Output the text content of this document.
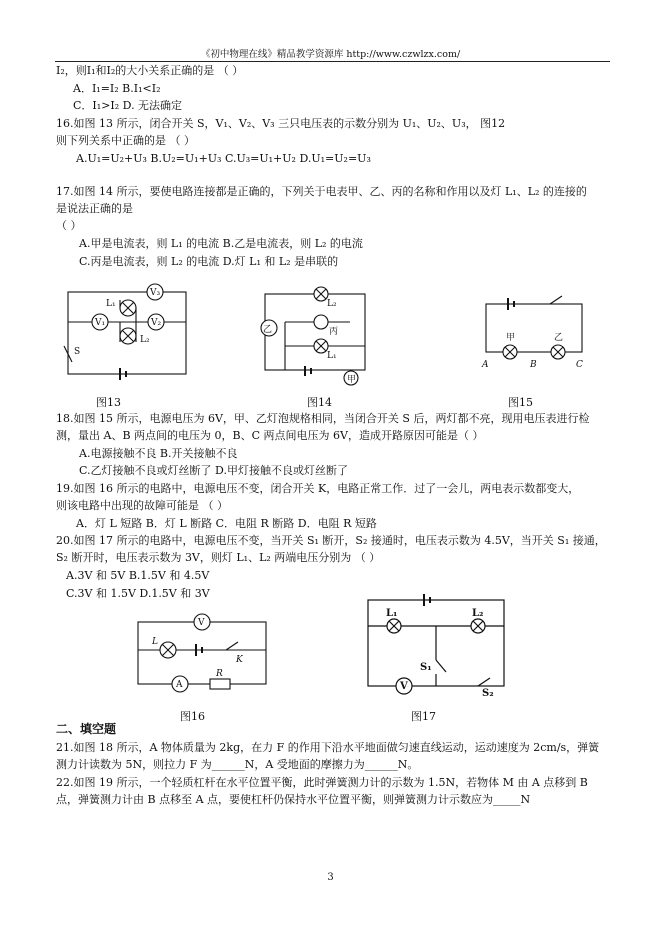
《初中物理在线》精品教学资源库 http://www.czwlzx.com/
I₂，则I₁和I₂的大小关系正确的是 （ ）
A．I₁=I₂ B.I₁<I₂
C．I₁>I₂ D. 无法确定
16.如图 13 所示，闭合开关 S，V₁、V₂、V₃ 三只电压表的示数分别为 U₁、U₂、U₃， 图12
则下列关系中正确的是 （ ）
A.U₁=U₂+U₃ B.U₂=U₁+U₃ C.U₃=U₁+U₂ D.U₁=U₂=U₃
17.如图 14 所示，要使电路连接都是正确的，下列关于电表甲、乙、丙的名称和作用以及灯 L₁、L₂ 的连接的
是说法正确的是
（ ）
A.甲是电流表，则 L₁ 的电流 B.乙是电流表，则 L₂ 的电流
C.丙是电流表，则 L₂ 的电流 D.灯 L₁ 和 L₂ 是串联的
18.如图 15 所示，电源电压为 6V，甲、乙灯泡规格相同，当闭合开关 S 后，两灯都不亮，现用电压表进行检
测，量出 A、B 两点间的电压为 0，B、C 两点间电压为 6V，造成开路原因可能是（ ）
A.电源接触不良 B.开关接触不良
C.乙灯接触不良或灯丝断了 D.甲灯接触不良或灯丝断了
19.如图 16 所示的电路中，电源电压不变，闭合开关 K，电路正常工作．过了一会儿，两电表示数都变大，
则该电路中出现的故障可能是 （ ）
A．灯 L 短路 B．灯 L 断路 C．电阻 R 断路 D．电阻 R 短路
20.如图 17 所示的电路中，电源电压不变，当开关 S₁ 断开，S₂ 接通时，电压表示数为 4.5V，当开关 S₁ 接通，
S₂ 断开时，电压表示数为 3V，则灯 L₁、L₂ 两端电压分别为 （ ）
A.3V 和 5V B.1.5V 和 4.5V
C.3V 和 1.5V D.1.5V 和 3V
21.如图 18 所示，A 物体质量为 2kg，在力 F 的作用下沿水平地面做匀速直线运动，运动速度为 2cm/s，弹簧
测力计读数为 5N，则拉力 F 为______N，A 受地面的摩擦力为______N。
22.如图 19 所示，一个轻质杠杆在水平位置平衡，此时弹簧测力计的示数为 1.5N，若物体 M 由 A 点移到 B
点，弹簧测力计由 B 点移至 A 点，要使杠杆仍保持水平位置平衡，则弹簧测力计示数应为_____N
二、填空题
V₃
V₁	V₂
L₁
L₂
S
图13
乙	丙
甲
L₂
L₁
图14
甲	乙
A	B	C
图15
V
A
L
K
R
图16
L₁	L₂
S₁
S₂
V
图17
3
